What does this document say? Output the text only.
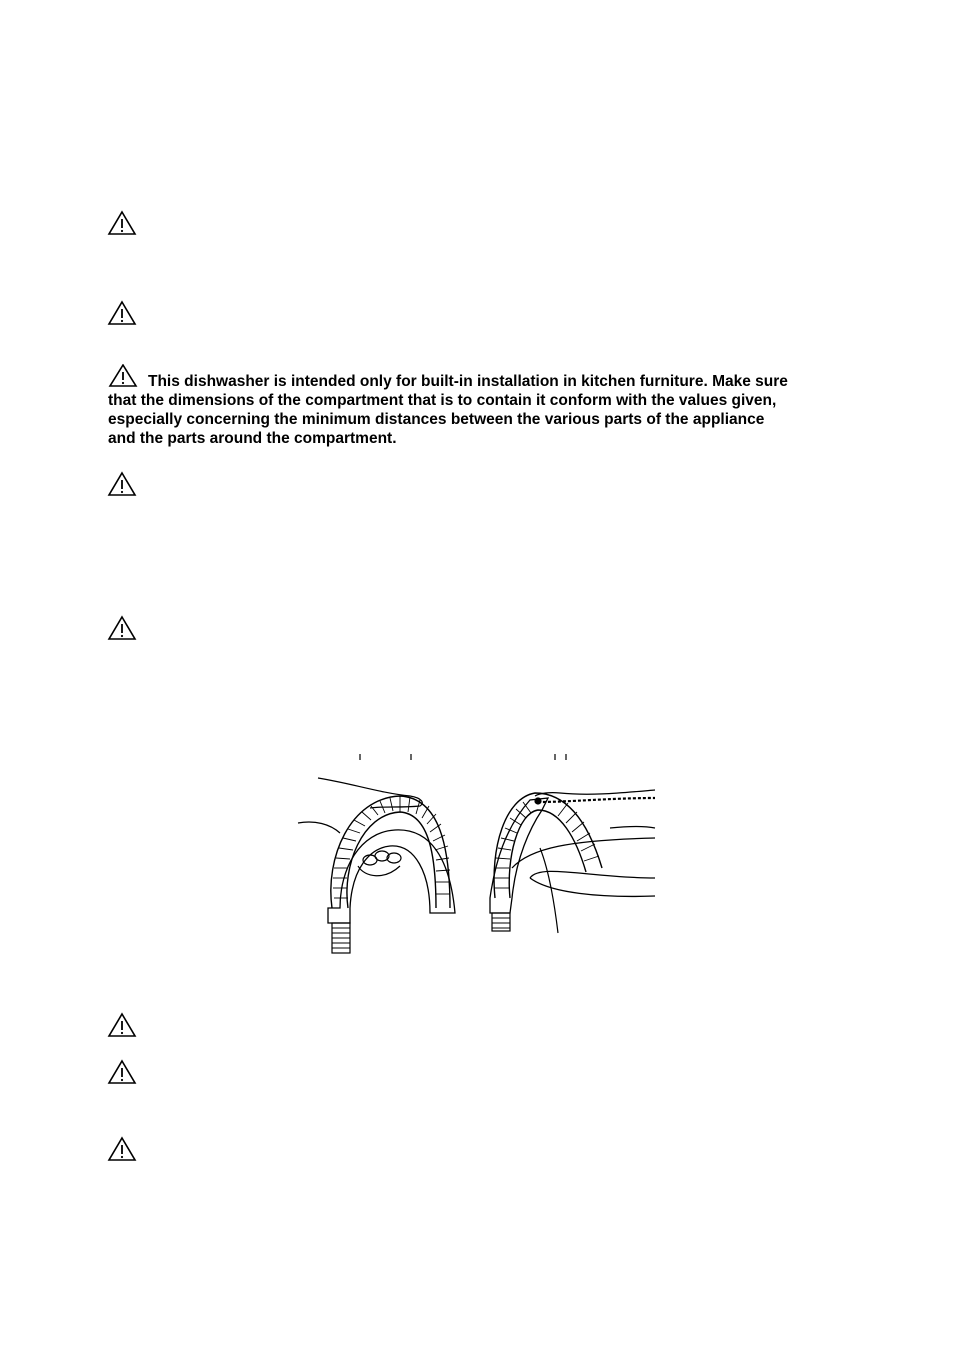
This dishwasher is intended only for built-in installation in kitchen furniture. Make sure that the dimensions of the compartment that is to contain it conform with the values given, especially concerning the minimum distances between the various parts of the appliance and the parts around the compartment.
